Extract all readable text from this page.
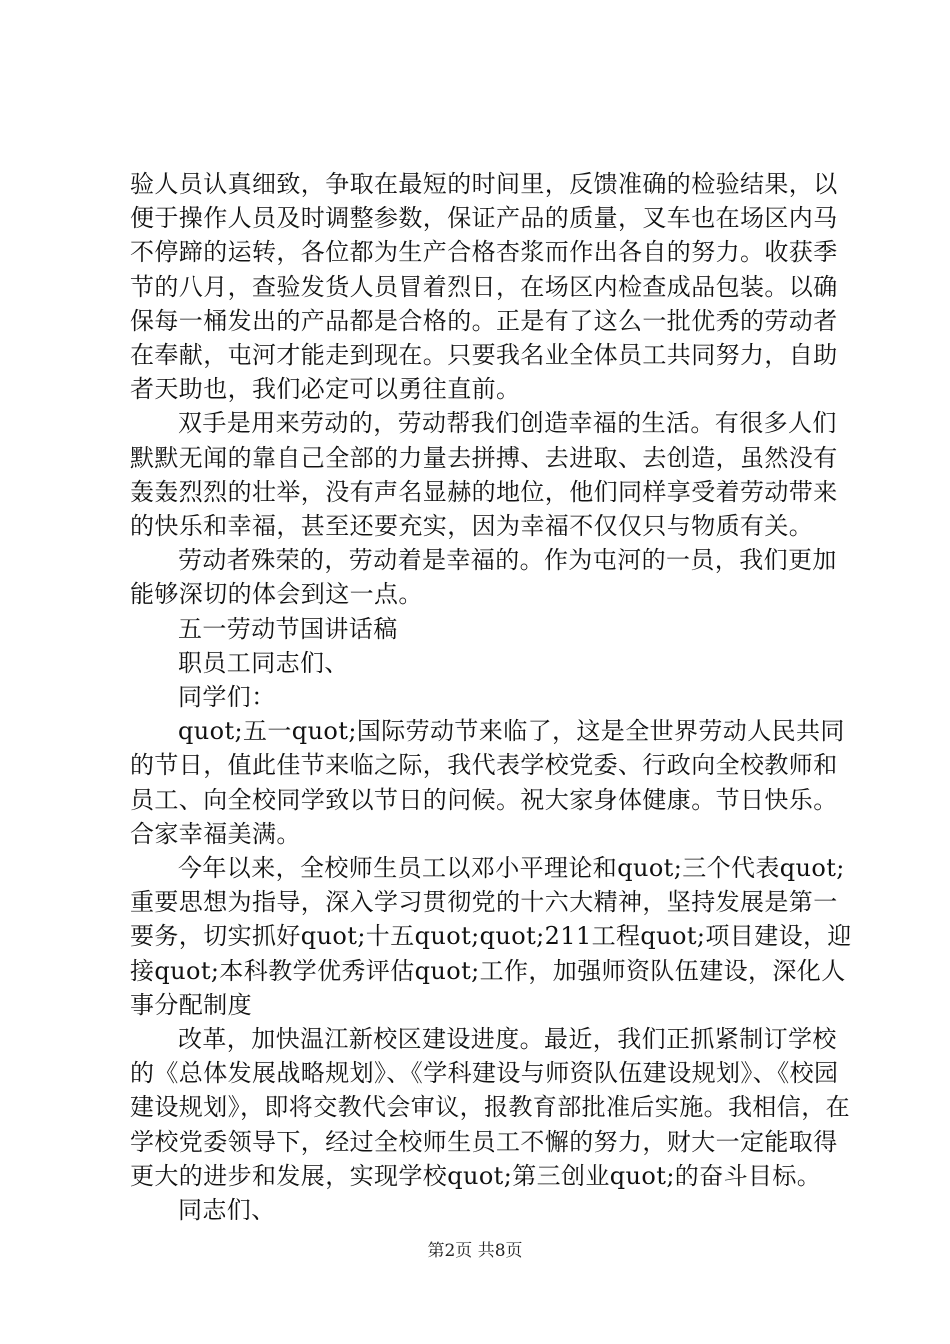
验人员认真细致，争取在最短的时间里，反馈准确的检验结果，以便于操作人员及时调整参数，保证产品的质量，叉车也在场区内马不停蹄的运转，各位都为生产合格杏浆而作出各自的努力。收获季节的八月，查验发货人员冒着烈日，在场区内检查成品包装。以确保每一桶发出的产品都是合格的。正是有了这么一批优秀的劳动者在奉献，屯河才能走到现在。只要我名业全体员工共同努力，自助者天助也，我们必定可以勇往直前。

双手是用来劳动的，劳动帮我们创造幸福的生活。有很多人们默默无闻的靠自己全部的力量去拼搏、去进取、去创造，虽然没有轰轰烈烈的壮举，没有声名显赫的地位，他们同样享受着劳动带来的快乐和幸福，甚至还要充实，因为幸福不仅仅只与物质有关。

劳动者殊荣的，劳动着是幸福的。作为屯河的一员，我们更加能够深切的体会到这一点。

五一劳动节国讲话稿

职员工同志们、

同学们：

quot;五一quot;国际劳动节来临了，这是全世界劳动人民共同的节日，值此佳节来临之际，我代表学校党委、行政向全校教师和员工、向全校同学致以节日的问候。祝大家身体健康。节日快乐。合家幸福美满。

今年以来，全校师生员工以邓小平理论和quot;三个代表quot;重要思想为指导，深入学习贯彻党的十六大精神，坚持发展是第一要务，切实抓好quot;十五quot;quot;211工程quot;项目建设，迎接quot;本科教学优秀评估quot;工作，加强师资队伍建设，深化人事分配制度

改革，加快温江新校区建设进度。最近，我们正抓紧制订学校的《总体发展战略规划》、《学科建设与师资队伍建设规划》、《校园建设规划》，即将交教代会审议，报教育部批准后实施。我相信，在学校党委领导下，经过全校师生员工不懈的努力，财大一定能取得更大的进步和发展，实现学校quot;第三创业quot;的奋斗目标。

同志们、

第2页 共8页
